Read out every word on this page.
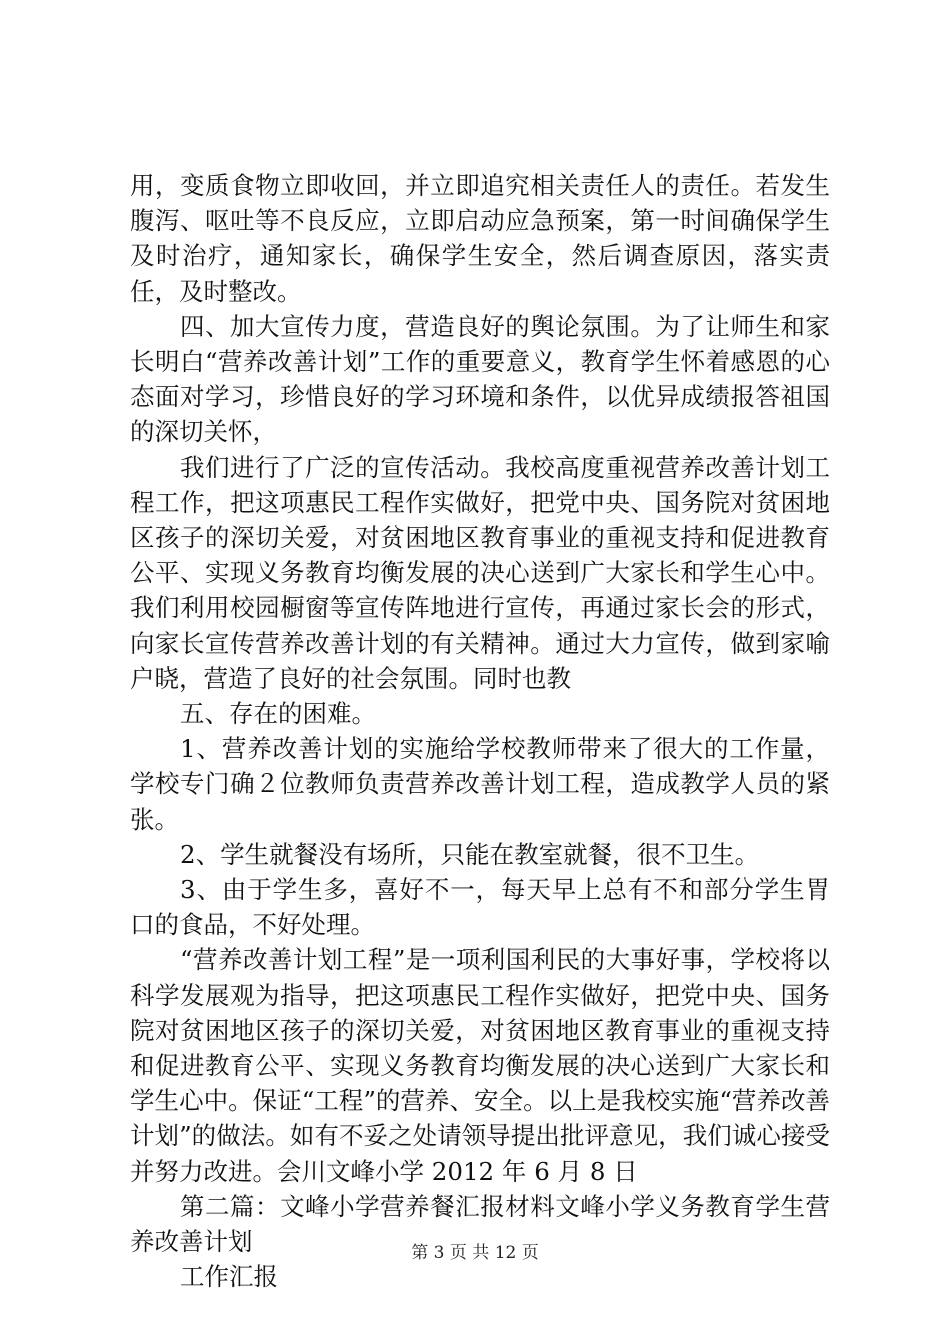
用，变质食物立即收回，并立即追究相关责任人的责任。若发生腹泻、呕吐等不良反应，立即启动应急预案，第一时间确保学生及时治疗，通知家长，确保学生安全，然后调查原因，落实责任，及时整改。

四、加大宣传力度，营造良好的舆论氛围。为了让师生和家长明白“营养改善计划”工作的重要意义，教育学生怀着感恩的心态面对学习，珍惜良好的学习环境和条件，以优异成绩报答祖国的深切关怀，

我们进行了广泛的宣传活动。我校高度重视营养改善计划工程工作，把这项惠民工程作实做好，把党中央、国务院对贫困地区孩子的深切关爱，对贫困地区教育事业的重视支持和促进教育公平、实现义务教育均衡发展的决心送到广大家长和学生心中。我们利用校园橱窗等宣传阵地进行宣传，再通过家长会的形式，向家长宣传营养改善计划的有关精神。通过大力宣传，做到家喻户晓，营造了良好的社会氛围。同时也教

五、存在的困难。

1、营养改善计划的实施给学校教师带来了很大的工作量，学校专门确２位教师负责营养改善计划工程，造成教学人员的紧张。

2、学生就餐没有场所，只能在教室就餐，很不卫生。

3、由于学生多，喜好不一，每天早上总有不和部分学生胃口的食品，不好处理。

“营养改善计划工程”是一项利国利民的大事好事，学校将以科学发展观为指导，把这项惠民工程作实做好，把党中央、国务院对贫困地区孩子的深切关爱，对贫困地区教育事业的重视支持和促进教育公平、实现义务教育均衡发展的决心送到广大家长和学生心中。保证“工程”的营养、安全。以上是我校实施“营养改善计划”的做法。如有不妥之处请领导提出批评意见，我们诚心接受并努力改进。会川文峰小学 2012 年 6 月 8 日

第二篇：文峰小学营养餐汇报材料文峰小学义务教育学生营养改善计划

工作汇报

第 3 页 共 12 页
